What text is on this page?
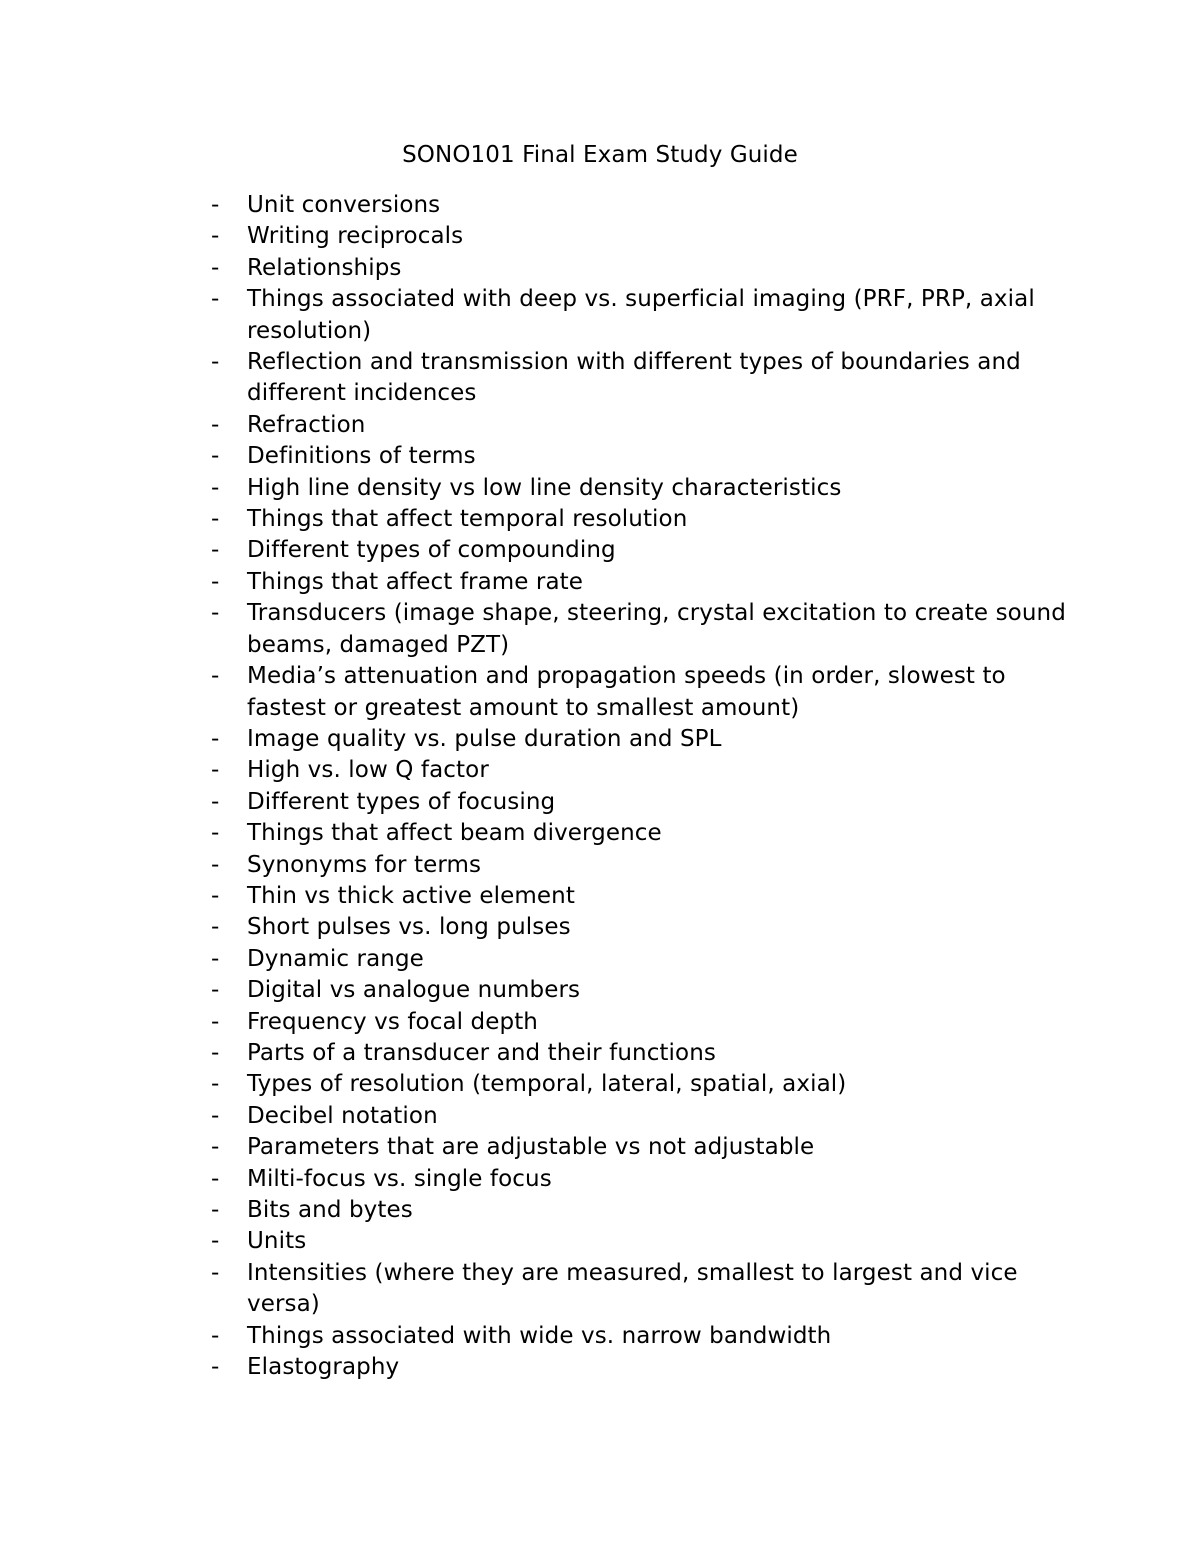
SONO101 Final Exam Study Guide
- Unit conversions
- Writing reciprocals
- Relationships
- Things associated with deep vs. superficial imaging (PRF, PRP, axial resolution)
- Reflection and transmission with different types of boundaries and different incidences
- Refraction
- Definitions of terms
- High line density vs low line density characteristics
- Things that affect temporal resolution
- Different types of compounding
- Things that affect frame rate
- Transducers (image shape, steering, crystal excitation to create sound beams, damaged PZT)
- Media’s attenuation and propagation speeds (in order, slowest to fastest or greatest amount to smallest amount)
- Image quality vs. pulse duration and SPL
- High vs. low Q factor
- Different types of focusing
- Things that affect beam divergence
- Synonyms for terms
- Thin vs thick active element
- Short pulses vs. long pulses
- Dynamic range
- Digital vs analogue numbers
- Frequency vs focal depth
- Parts of a transducer and their functions
- Types of resolution (temporal, lateral, spatial, axial)
- Decibel notation
- Parameters that are adjustable vs not adjustable
- Milti-focus vs. single focus
- Bits and bytes
- Units
- Intensities (where they are measured, smallest to largest and vice versa)
- Things associated with wide vs. narrow bandwidth
- Elastography
